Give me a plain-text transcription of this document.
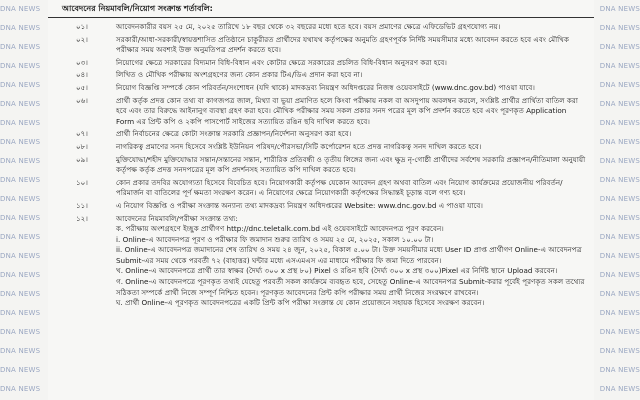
DNA NEWS
DNA NEWS
DNA NEWS
DNA NEWS
DNA NEWS
DNA NEWS
DNA NEWS
DNA NEWS
DNA NEWS
DNA NEWS
DNA NEWS
DNA NEWS
DNA NEWS
DNA NEWS
DNA NEWS
DNA NEWS
DNA NEWS
DNA NEWS
DNA NEWS
DNA NEWS
DNA NEWS
DNA NEWS
DNA NEWS
DNA NEWS
DNA NEWS
DNA NEWS
DNA NEWS
DNA NEWS
DNA NEWS
DNA NEWS
DNA NEWS
DNA NEWS
DNA NEWS
DNA NEWS
DNA NEWS
DNA NEWS
DNA NEWS
DNA NEWS
DNA NEWS
DNA NEWS
DNA NEWS
DNA NEWS
আবেদনের নিয়মাবলি/নিয়োগ সংক্রান্ত শর্তাবলি:
০১।	আবেদনকারীর বয়স ২৫ মে, ২০২৫ তারিখে ১৮ বছর থেকে ৩২ বছরের মধ্যে হতে হবে। বয়স প্রমাণের ক্ষেত্রে এফিডেভিট গ্রহণযোগ্য নয়।
০২।	সরকারী/আধা-সরকারী/স্বায়ত্তশাসিত প্রতিষ্ঠানে চাকুরীরত প্রার্থীদের যথাযথ কর্তৃপক্ষের অনুমতি গ্রহণপূর্বক নির্দিষ্ট সময়সীমার মধ্যে আবেদন করতে হবে এবং মৌখিক পরীক্ষার সময় অবশ্যই উক্ত অনুমতিপত্র প্রদর্শন করতে হবে।
০৩।	নিয়োগের ক্ষেত্রে সরকারের বিদ্যমান বিধি-বিধান এবং কোটার ক্ষেত্রে সরকারের প্রচলিত বিধি-বিধান অনুসরণ করা হবে।
০৪।	লিখিত ও মৌখিক পরীক্ষায় অংশগ্রহণের জন্য কোন প্রকার টিএ/ডিএ প্রদান করা হবে না।
০৫।	নিয়োগ বিজ্ঞপ্তি সম্পর্কে কোন পরিবর্তন/সংশোধন (যদি থাকে) মাদকদ্রব্য নিয়ন্ত্রণ অধিদপ্তরের নিজস্ব ওয়েবসাইটে (www.dnc.gov.bd) পাওয়া যাবে।
০৬।	প্রার্থী কর্তৃক প্রদত্ত কোন তথ্য বা কাগজপত্র জাল, মিথ্যা বা ভুয়া প্রমাণিত হলে কিংবা পরীক্ষায় নকল বা অসদুপায় অবলম্বন করলে, সংশ্লিষ্ট প্রার্থীর প্রার্থিতা বাতিল করা হবে এবং তার বিরুদ্ধে আইনানুগ ব্যবস্থা গ্রহণ করা হবে। মৌখিক পরীক্ষার সময় সকল প্রকার সনদ পত্রের মূল কপি প্রদর্শন করতে হবে এবং পূরণকৃত Application Form এর প্রিন্ট কপি ও ২কপি পাসপোর্ট সাইজের সত্যায়িত রঙিন ছবি দাখিল করতে হবে।
০৭।	প্রার্থী নির্বাচনের ক্ষেত্রে কোটা সংক্রান্ত সরকারি প্রজ্ঞাপন/নির্দেশনা অনুসরণ করা হবে।
০৮।	নাগরিকত্ব প্রমাণের সনদ হিসেবে সংশ্লিষ্ট ইউনিয়ন পরিষদ/পৌরসভা/সিটি কর্পোরেশন হতে প্রদত্ত নাগরিকত্ব সনদ দাখিল করতে হবে।
০৯।	মুক্তিযোদ্ধা/শহীদ মুক্তিযোদ্ধার সন্তান/সন্তানের সন্তান, শারীরিক প্রতিবন্ধী ও তৃতীয় লিঙ্গের জন্য এবং ক্ষুদ্র নৃ-গোষ্ঠী প্রার্থীদের সর্বশেষ সরকারি প্রজ্ঞাপন/নীতিমালা অনুযায়ী কর্তৃপক্ষ কর্তৃক প্রদত্ত সনদপত্রের মূল কপি প্রদর্শনসহ সত্যায়িত কপি দাখিল করতে হবে।
১০।	কোন প্রকার তদবির অযোগ্যতা হিসেবে বিবেচিত হবে। নিয়োগকারী কর্তৃপক্ষ যেকোন আবেদন গ্রহণ অথবা বাতিল এবং নিয়োগ কার্যক্রমের প্রয়োজনীয় পরিবর্তন/পরিমার্জন বা বাতিলের পূর্ণ ক্ষমতা সংরক্ষণ করেন। এ নিয়োগের ক্ষেত্রে নিয়োগকারী কর্তৃপক্ষের সিদ্ধান্তই চূড়ান্ত বলে গণ্য হবে।
১১।	এ নিয়োগ বিজ্ঞপ্তি ও পরীক্ষা সংক্রান্ত অন্যান্য তথ্য মাদকদ্রব্য নিয়ন্ত্রণ অধিদপ্তরের Website: www.dnc.gov.bd এ পাওয়া যাবে।
১২।	আবেদনের নিয়মাবলি/পরীক্ষা সংক্রান্ত তথ্য:
ক. পরীক্ষায় অংশগ্রহণে ইচ্ছুক প্রার্থীগণ http://dnc.teletalk.com.bd এই ওয়েবসাইটে আবেদনপত্র পূরণ করবেন।
i. Online-এ আবেদনপত্র পূরণ ও পরীক্ষার ফি জমাদান শুরুর তারিখ ও সময় ২৫ মে, ২০২৫, সকাল ১০.০০ টা।
ii. Online-এ আবেদনপত্র জমাদানের শেষ তারিখ ও সময় ২৪ জুন, ২০২৫, বিকাল ৫.০০ টা। উক্ত সময়সীমার মধ্যে User ID প্রাপ্ত প্রার্থীগণ Online-এ আবেদনপত্র Submit-এর সময় থেকে পরবর্তী ৭২ (বাহাত্তর) ঘন্টার মধ্যে এসএমএস এর মাধ্যমে পরীক্ষার ফি জমা দিতে পারবেন।
খ. Online-এ আবেদনপত্রে প্রার্থী তার স্বাক্ষর (দৈর্ঘ্য ৩০০ x প্রস্থ ৮০) Pixel ও রঙিন ছবি (দৈর্ঘ্য ৩০০ x প্রস্থ ৩০০)Pixel এর নির্দিষ্ট স্থানে Upload করবেন।
গ. Online-এ আবেদনপত্রে পূরণকৃত তথ্যই যেহেতু পরবর্তী সকল কার্যক্রমে ব্যবহৃত হবে, সেহেতু Online-এ আবেদনপত্র Submit-করার পূর্বেই পূরণকৃত সকল তথ্যের সঠিকতা সম্পর্কে প্রার্থী নিজে সম্পূর্ণ নিশ্চিত হবেন। পূরণকৃত আবেদনের প্রিন্ট কপি পরীক্ষার সময় প্রার্থী নিজের সংরক্ষণে রাখবেন।
ঘ. প্রার্থী Online-এ পূরণকৃত আবেদনপত্রের একটি প্রিন্ট কপি পরীক্ষা সংক্রান্ত যে কোন প্রয়োজনে সহায়ক হিসেবে সংরক্ষণ করবেন।
